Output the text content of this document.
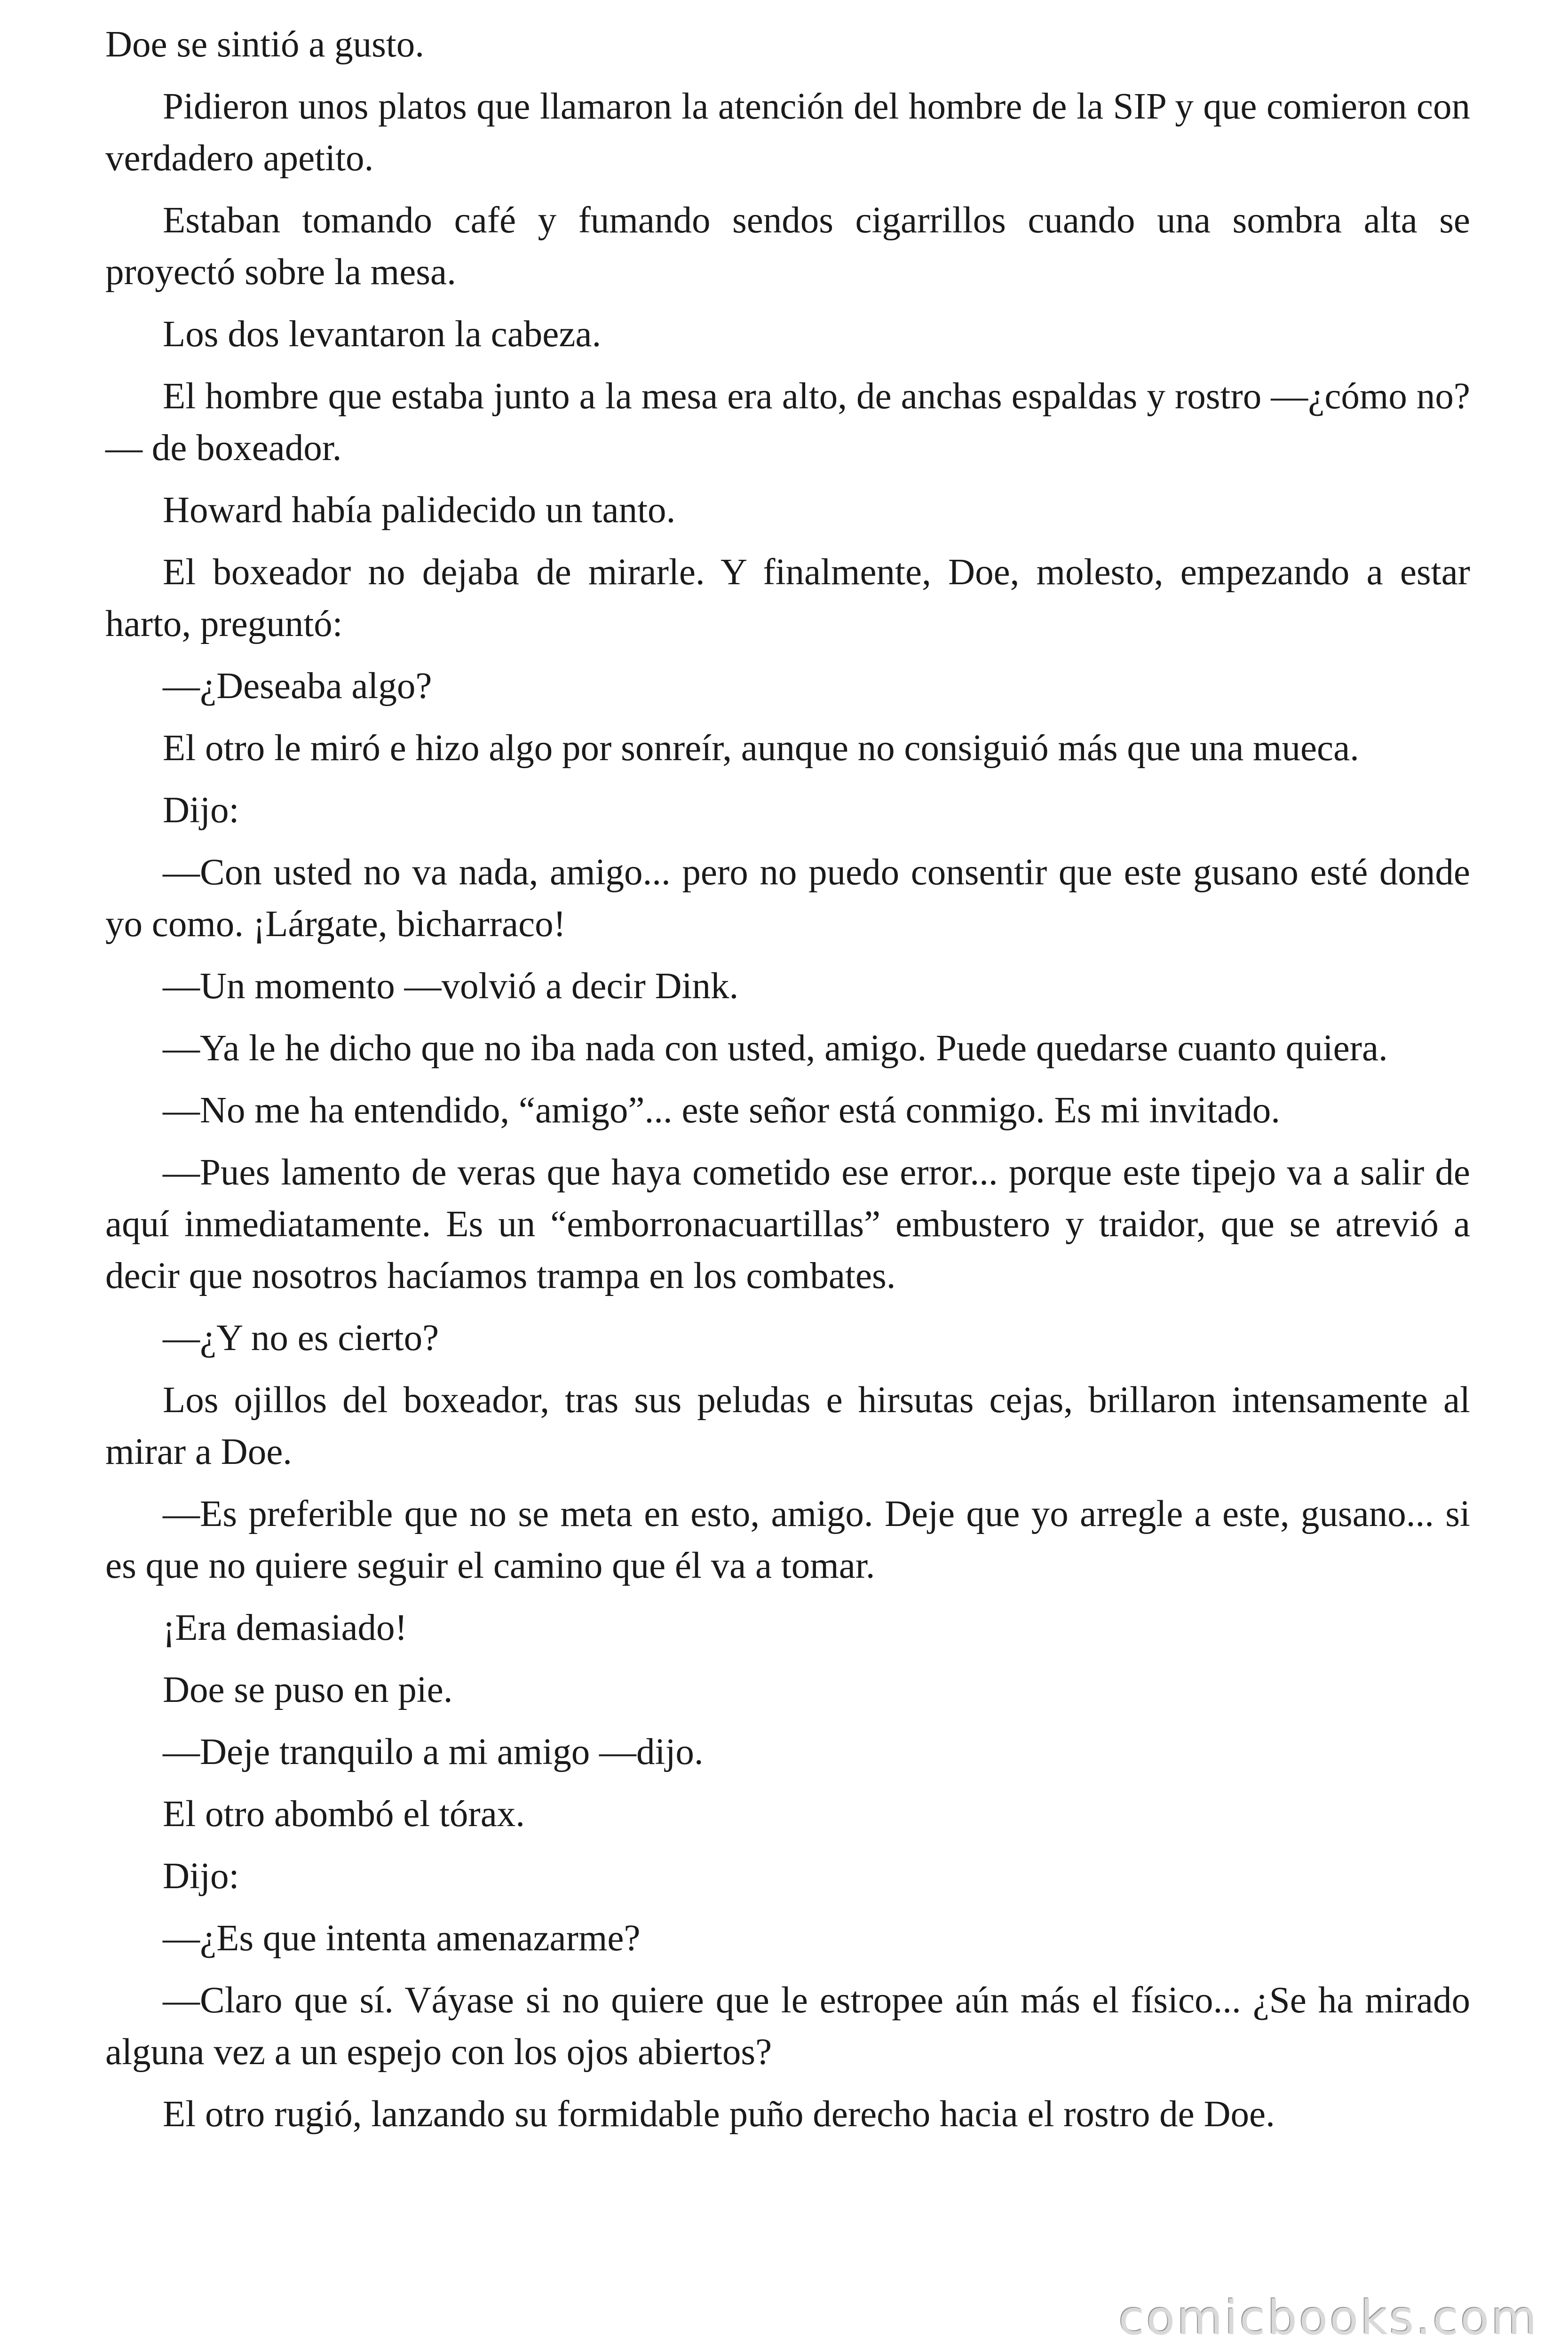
Doe se sintió a gusto.

Pidieron unos platos que llamaron la atención del hombre de la SIP y que comieron con verdadero apetito.

Estaban tomando café y fumando sendos cigarrillos cuando una sombra alta se proyectó sobre la mesa.

Los dos levantaron la cabeza.

El hombre que estaba junto a la mesa era alto, de anchas espaldas y rostro —¿cómo no?— de boxeador.

Howard había palidecido un tanto.

El boxeador no dejaba de mirarle. Y finalmente, Doe, molesto, empezando a estar harto, preguntó:

—¿Deseaba algo?

El otro le miró e hizo algo por sonreír, aunque no consiguió más que una mueca.

Dijo:

—Con usted no va nada, amigo... pero no puedo consentir que este gusano esté donde yo como. ¡Lárgate, bicharraco!

—Un momento —volvió a decir Dink.

—Ya le he dicho que no iba nada con usted, amigo. Puede quedarse cuanto quiera.

—No me ha entendido, “amigo”... este señor está conmigo. Es mi invitado.

—Pues lamento de veras que haya cometido ese error... porque este tipejo va a salir de aquí inmediatamente. Es un “emborronacuartillas” embustero y traidor, que se atrevió a decir que nosotros hacíamos trampa en los combates.

—¿Y no es cierto?

Los ojillos del boxeador, tras sus peludas e hirsutas cejas, brillaron intensamente al mirar a Doe.

—Es preferible que no se meta en esto, amigo. Deje que yo arregle a este, gusano... si es que no quiere seguir el camino que él va a tomar.

¡Era demasiado!

Doe se puso en pie.

—Deje tranquilo a mi amigo —dijo.

El otro abombó el tórax.

Dijo:

—¿Es que intenta amenazarme?

—Claro que sí. Váyase si no quiere que le estropee aún más el físico... ¿Se ha mirado alguna vez a un espejo con los ojos abiertos?

El otro rugió, lanzando su formidable puño derecho hacia el rostro de Doe.

comicbooks.com
